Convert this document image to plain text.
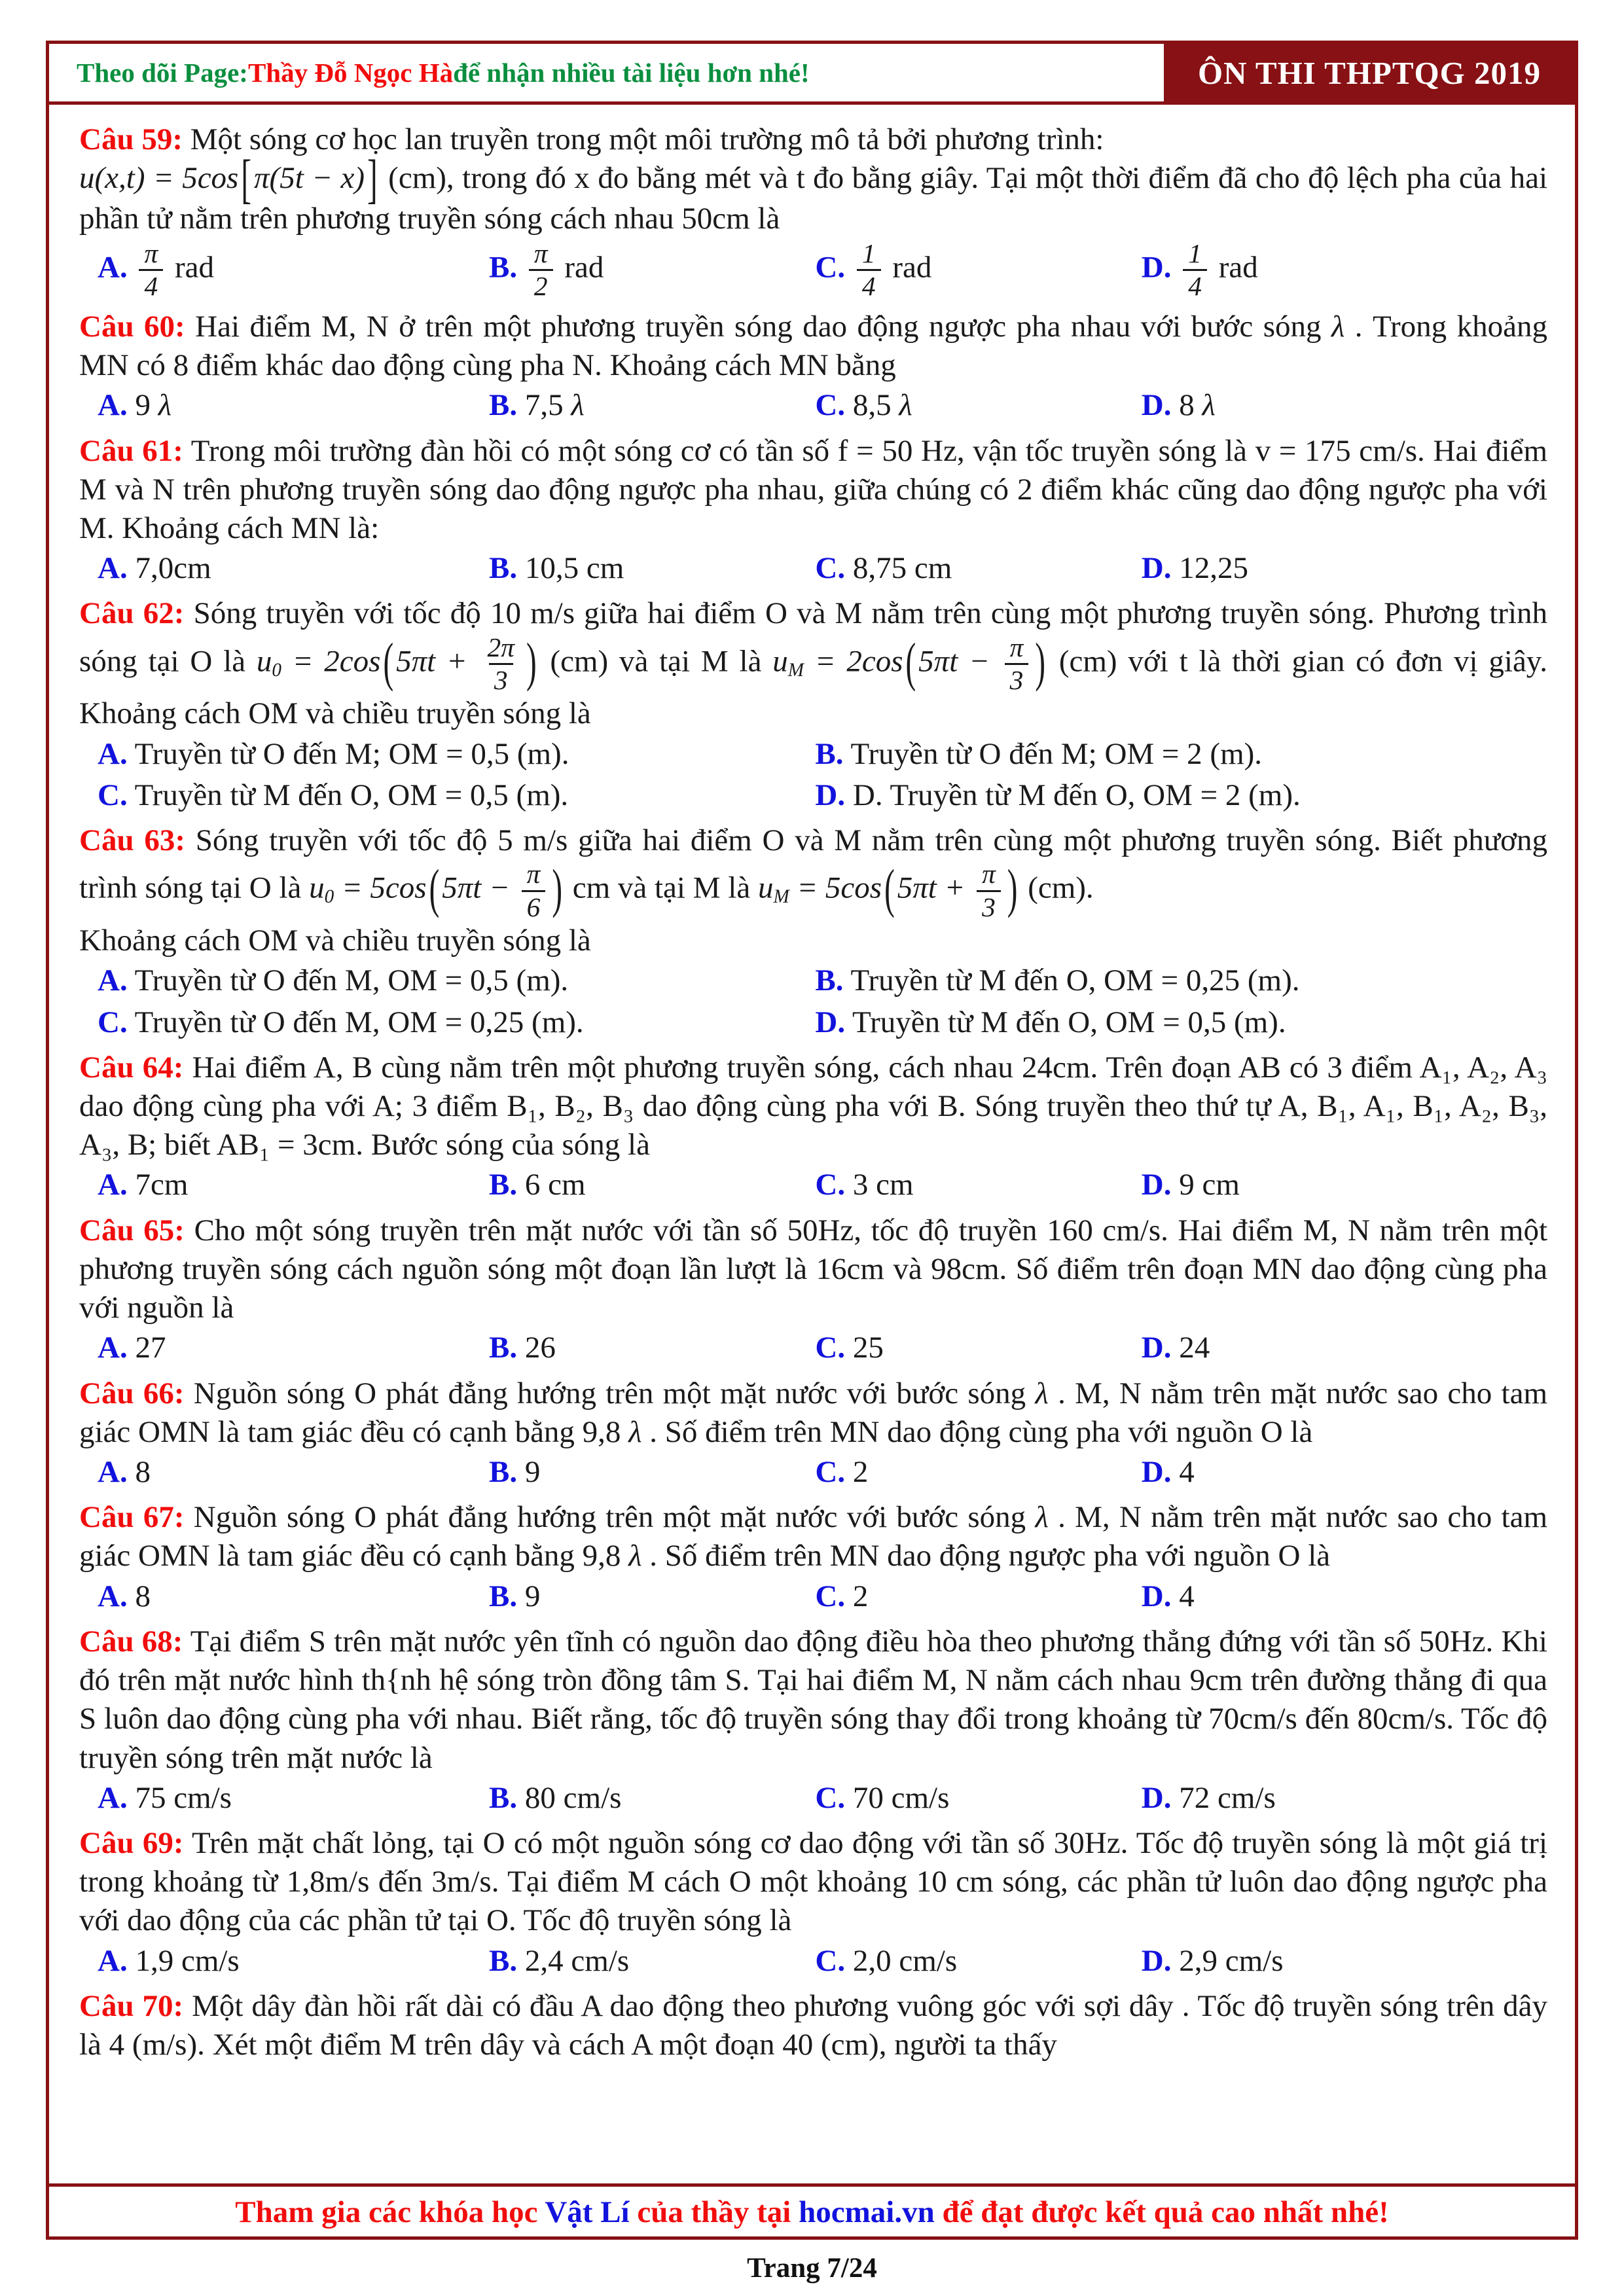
Theo dõi Page: Thầy Đỗ Ngọc Hà để nhận nhiều tài liệu hơn nhé!	ÔN THI THPTQG 2019
Câu 59: Một sóng cơ học lan truyền trong một môi trường mô tả bởi phương trình:
u(x,t) = 5cos[π(5t − x)] (cm), trong đó x đo bằng mét và t đo bằng giây. Tại một thời điểm đã cho độ lệch pha của hai phần tử nằm trên phương truyền sóng cách nhau 50cm là
A. $\frac{\pi}{4}$ rad	B. $\frac{\pi}{2}$ rad	C. $\frac{1}{4}$ rad	D. $\frac{1}{4}$ rad
Câu 60: Hai điểm M, N ở trên một phương truyền sóng dao động ngược pha nhau với bước sóng λ . Trong khoảng MN có 8 điểm khác dao động cùng pha N. Khoảng cách MN bằng
A. 9 λ	B. 7,5 λ	C. 8,5 λ	D. 8 λ
Câu 61: Trong môi trường đàn hồi có một sóng cơ có tần số f = 50 Hz, vận tốc truyền sóng là v = 175 cm/s. Hai điểm M và N trên phương truyền sóng dao động ngược pha nhau, giữa chúng có 2 điểm khác cũng dao động ngược pha với M. Khoảng cách MN là:
A. 7,0cm	B. 10,5 cm	C. 8,75 cm	D. 12,25
Câu 62: Sóng truyền với tốc độ 10 m/s giữa hai điểm O và M nằm trên cùng một phương truyền sóng. Phương trình sóng tại O là $u0 = 2\cos(5\pi t + \frac{2\pi}{3}$ ) (cm) và tại M là uM = $2\cos(5\pi t - \frac{\pi}{3}$ ) (cm) với t là thời gian có đơn vị giây. Khoảng cách OM và chiều truyền sóng là
A. Truyền từ O đến M; OM = 0,5 (m).	B. Truyền từ O đến M; OM = 2 (m).
C. Truyền từ M đến O, OM = 0,5 (m).	D. D. Truyền từ M đến O, OM = 2 (m).
Câu 63: Sóng truyền với tốc độ 5 m/s giữa hai điểm O và M nằm trên cùng một phương truyền sóng. Biết phương trình sóng tại O là $u0 = 5\cos(5\pi t - \frac{\pi}{6}$ ) cm và tại M là uM = $5\cos(5\pi t + \frac{\pi}{3}$ ) (cm).
Khoảng cách OM và chiều truyền sóng là
A. Truyền từ O đến M, OM = 0,5 (m).	B. Truyền từ M đến O, OM = 0,25 (m).
C. Truyền từ O đến M, OM = 0,25 (m).	D. Truyền từ M đến O, OM = 0,5 (m).
Câu 64: Hai điểm A, B cùng nằm trên một phương truyền sóng, cách nhau 24cm. Trên đoạn AB có 3 điểm A₁, A₂, A₃ dao động cùng pha với A; 3 điểm B₁, B₂, B₃ dao động cùng pha với B. Sóng truyền theo thứ tự A, B₁, A₁, B₁, A₂, B₃, A₃, B; biết AB₁ = 3cm. Bước sóng của sóng là
A. 7cm	B. 6 cm	C. 3 cm	D. 9 cm
Câu 65: Cho một sóng truyền trên mặt nước với tần số 50Hz, tốc độ truyền 160 cm/s. Hai điểm M, N nằm trên một phương truyền sóng cách nguồn sóng một đoạn lần lượt là 16cm và 98cm. Số điểm trên đoạn MN dao động cùng pha với nguồn là
A. 27	B. 26	C. 25	D. 24
Câu 66: Nguồn sóng O phát đẳng hướng trên một mặt nước với bước sóng λ . M, N nằm trên mặt nước sao cho tam giác OMN là tam giác đều có cạnh bằng 9,8 λ . Số điểm trên MN dao động cùng pha với nguồn O là
A. 8	B. 9	C. 2	D. 4
Câu 67: Nguồn sóng O phát đẳng hướng trên một mặt nước với bước sóng λ . M, N nằm trên mặt nước sao cho tam giác OMN là tam giác đều có cạnh bằng 9,8 λ . Số điểm trên MN dao động ngược pha với nguồn O là
A. 8	B. 9	C. 2	D. 4
Câu 68: Tại điểm S trên mặt nước yên tĩnh có nguồn dao động điều hòa theo phương thẳng đứng với tần số 50Hz. Khi đó trên mặt nước hình th{nh hệ sóng tròn đồng tâm S. Tại hai điểm M, N nằm cách nhau 9cm trên đường thẳng đi qua S luôn dao động cùng pha với nhau. Biết rằng, tốc độ truyền sóng thay đổi trong khoảng từ 70cm/s đến 80cm/s. Tốc độ truyền sóng trên mặt nước là
A. 75 cm/s	B. 80 cm/s	C. 70 cm/s	D. 72 cm/s
Câu 69: Trên mặt chất lỏng, tại O có một nguồn sóng cơ dao động với tần số 30Hz. Tốc độ truyền sóng là một giá trị trong khoảng từ 1,8m/s đến 3m/s. Tại điểm M cách O một khoảng 10 cm sóng, các phần tử luôn dao động ngược pha với dao động của các phần tử tại O. Tốc độ truyền sóng là
A. 1,9 cm/s	B. 2,4 cm/s	C. 2,0 cm/s	D. 2,9 cm/s
Câu 70: Một dây đàn hồi rất dài có đầu A dao động theo phương vuông góc với sợi dây . Tốc độ truyền sóng trên dây là 4 (m/s). Xét một điểm M trên dây và cách A một đoạn 40 (cm), người ta thấy
Tham gia các khóa học Vật Lí của thầy tại hocmai.vn để đạt được kết quả cao nhất nhé!
Trang 7/24
